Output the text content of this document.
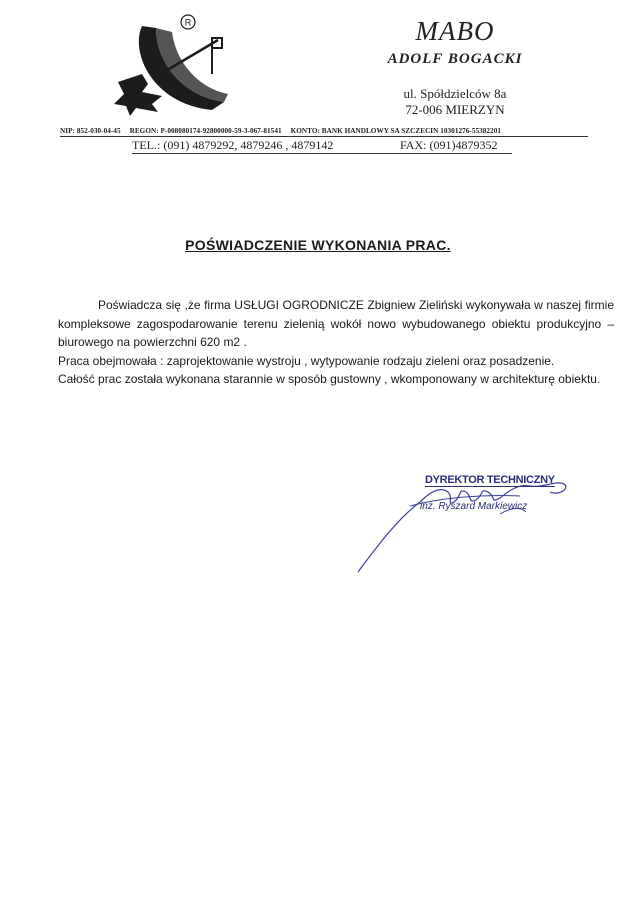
R	MABO
ADOLF BOGACKI
ul. Spółdzielców 8a
72-006 MIERZYN
NIP: 852-030-04-45 REGON: P-008080174-92800000-59-3-067-81541 KONTO: BANK HANDLOWY SA SZCZECIN 10301276-55382201
TEL.: (091) 4879292, 4879246 , 4879142	FAX: (091)4879352
POŚWIADCZENIE WYKONANIA PRAC.

Poświadcza się ,że firma USŁUGI OGRODNICZE Zbigniew Zieliński wykonywała w naszej firmie kompleksowe zagospodarowanie terenu zielenią wokół nowo wybudowanego obiektu produkcyjno – biurowego na powierzchni 620 m2 .

Praca obejmowała : zaprojektowanie wystroju , wytypowanie rodzaju zieleni oraz posadzenie.

Całość prac została wykonana starannie w sposób gustowny , wkomponowany w architekturę obiektu.

DYREKTOR TECHNICZNY
inż. Ryszard Markiewicz
